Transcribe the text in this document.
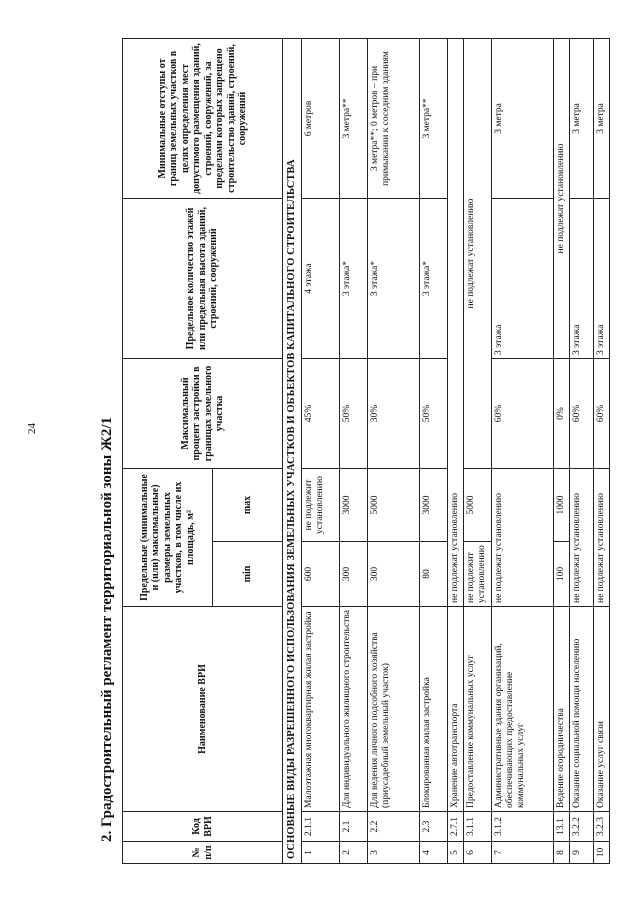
24	2. Градостроительный регламент территориальной зоны Ж2/1
№ п/п	Код ВРИ	Наименование ВРИ	Предельные (минимальные и (или) максимальные) размеры земельных участков, в том числе их площадь, м²		Максимальный процент застройки в границах земельного участка	Предельное количество этажей или предельная высота зданий, строений, сооружений	Минимальные отступы от границ земельных участков в целях определения мест допустимого размещения зданий, строений, сооружений, за пределами которых запрещено строительство зданий, строений, сооружений
			min	max			
ОСНОВНЫЕ ВИДЫ РАЗРЕШЕННОГО ИСПОЛЬЗОВАНИЯ ЗЕМЕЛЬНЫХ УЧАСТКОВ И ОБЪЕКТОВ КАПИТАЛЬНОГО СТРОИТЕЛЬСТВА							
1	2.1.1	Малоэтажная многоквартирная жилая застройка	600	не подлежит установлению	45%	4 этажа	6 метров
2	2.1	Для индивидуального жилищного строительства	300	3000	50%	3 этажа*	3 метра**
3	2.2	Для ведения личного подсобного хозяйства (приусадебный земельный участок)	300	5000	30%	3 этажа*	3 метра**; 0 метров – при примыкании к соседним зданиям
4	2.3	Блокированная жилая застройка	80	3000	50%	3 этажа*	3 метра**
5	2.7.1	Хранение автотранспорта	не подлежат установлению				
6	3.1.1	Предоставление коммунальных услуг	не подлежит установлению	5000	не подлежат установлению		
7	3.1.2	Административные здания организаций, обеспечивающих предоставление коммунальных услуг	не подлежат установлению		60%	3 этажа	3 метра
8	13.1	Ведение огородничества	100	1000	0%	не подлежат установлению	
9	3.2.2	Оказание социальной помощи населению	не подлежат установлению		60%	3 этажа	3 метра
10	3.2.3	Оказание услуг связи	не подлежат установлению		60%	3 этажа	3 метра
